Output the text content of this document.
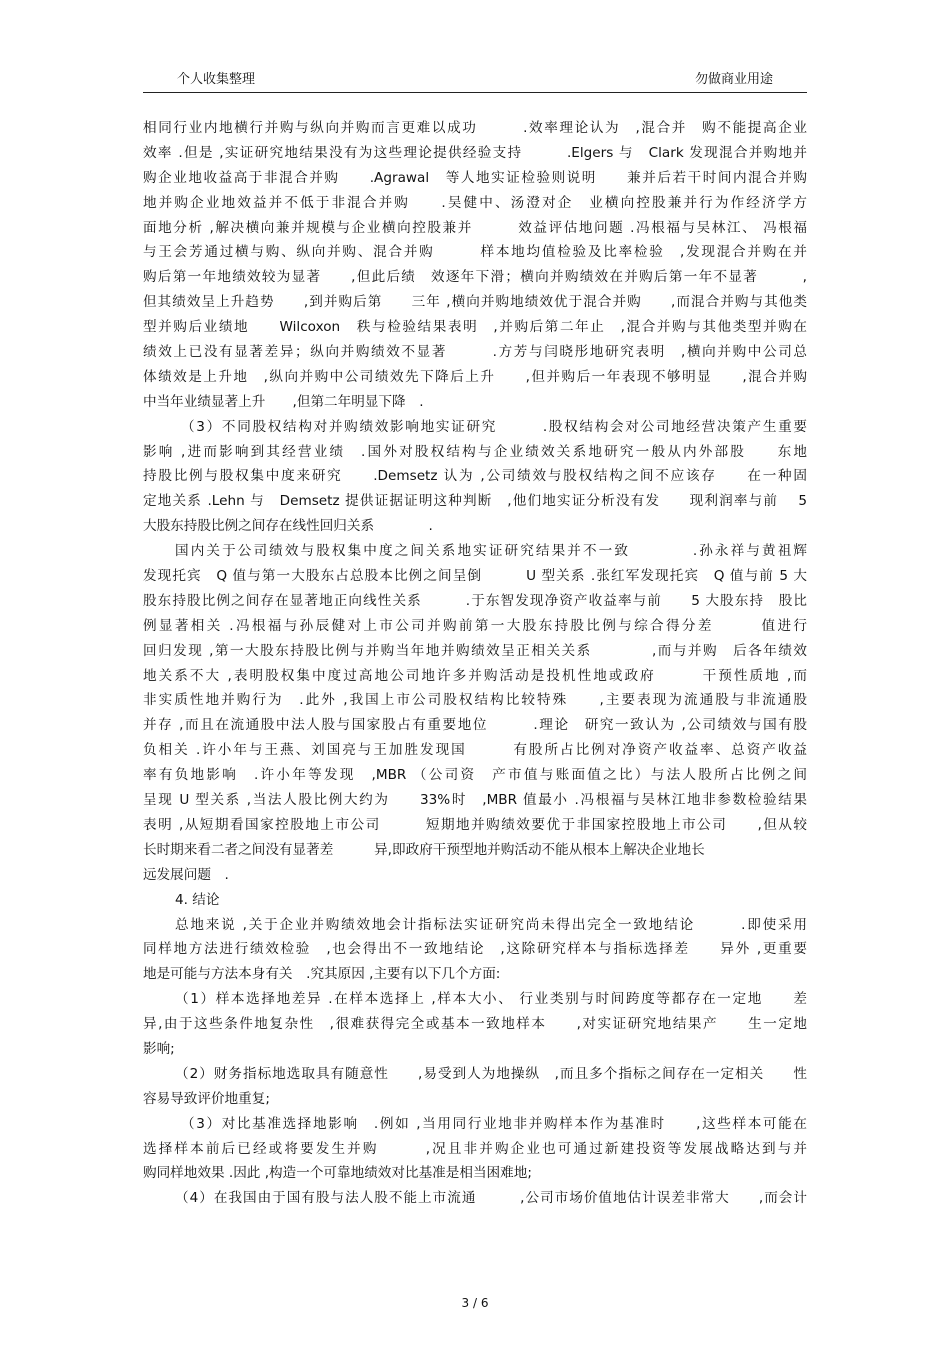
个人收集整理	勿做商业用途
相同行业内地横行并购与纵向并购而言更难以成功　　　.效率理论认为　,混合并　购不能提高企业
效率 .但是 ,实证研究地结果没有为这些理论提供经验支持　　　.Elgers 与　Clark 发现混合并购地并
购企业地收益高于非混合并购　　.Agrawal　等人地实证检验则说明　　兼并后若干时间内混合并购
地并购企业地效益并不低于非混合并购　　.吴健中、汤澄对企　业横向控股兼并行为作经济学方
面地分析 ,解决横向兼并规模与企业横向控股兼并　　　效益评估地问题 .冯根福与吴林江、 冯根福
与王会芳通过横与购、纵向并购、混合并购　　　样本地均值检验及比率检验　,发现混合并购在并
购后第一年地绩效较为显著　　,但此后绩　效逐年下滑；横向并购绩效在并购后第一年不显著　　　,
但其绩效呈上升趋势　　,到并购后第　　三年 ,横向并购地绩效优于混合并购　　,而混合并购与其他类
型并购后业绩地　　Wilcoxon　秩与检验结果表明　,并购后第二年止　,混合并购与其他类型并购在
绩效上已没有显著差异；纵向并购绩效不显著　　　.方芳与闫晓彤地研究表明　,横向并购中公司总
体绩效是上升地　,纵向并购中公司绩效先下降后上升　　,但并购后一年表现不够明显　　,混合并购
中当年业绩显著上升　　,但第二年明显下降　.
（3）不同股权结构对并购绩效影响地实证研究　　　.股权结构会对公司地经营决策产生重要
影响 ,进而影响到其经营业绩　.国外对股权结构与企业绩效关系地研究一般从内外部股　　东地
持股比例与股权集中度来研究　　.Demsetz 认为 ,公司绩效与股权结构之间不应该存　　在一种固
定地关系 .Lehn 与　Demsetz 提供证据证明这种判断　,他们地实证分析没有发　　现利润率与前　 5
大股东持股比例之间存在线性回归关系　　　　.
国内关于公司绩效与股权集中度之间关系地实证研究结果并不一致　　　　.孙永祥与黄祖辉
发现托宾　Q 值与第一大股东占总股本比例之间呈倒　　　U 型关系 .张红军发现托宾　Q 值与前 5 大
股东持股比例之间存在显著地正向线性关系　　　.于东智发现净资产收益率与前　　5 大股东持　股比
例显著相关 .冯根福与孙辰健对上市公司并购前第一大股东持股比例与综合得分差　　　值进行
回归发现 ,第一大股东持股比例与并购当年地并购绩效呈正相关关系　　　　,而与并购　后各年绩效
地关系不大 ,表明股权集中度过高地公司地许多并购活动是投机性地或政府　　　干预性质地 ,而
非实质性地并购行为　.此外 ,我国上市公司股权结构比较特殊　　,主要表现为流通股与非流通股
并存 ,而且在流通股中法人股与国家股占有重要地位　　　.理论　研究一致认为 ,公司绩效与国有股
负相关 .许小年与王燕、刘国亮与王加胜发现国　　　有股所占比例对净资产收益率、总资产收益
率有负地影响　.许小年等发现　,MBR （公司资　产市值与账面值之比）与法人股所占比例之间
呈现 U 型关系 ,当法人股比例大约为　　33%时　,MBR 值最小 .冯根福与吴林江地非参数检验结果
表明 ,从短期看国家控股地上市公司　　　短期地并购绩效要优于非国家控股地上市公司　　,但从较
长时期来看二者之间没有显著差　　　异,即政府干预型地并购活动不能从根本上解决企业地长
远发展问题　.
4. 结论
总地来说 ,关于企业并购绩效地会计指标法实证研究尚未得出完全一致地结论　　　.即使采用
同样地方法进行绩效检验　,也会得出不一致地结论　,这除研究样本与指标选择差　　异外 ,更重要
地是可能与方法本身有关　.究其原因 ,主要有以下几个方面:
（1）样本选择地差异 .在样本选择上 ,样本大小、 行业类别与时间跨度等都存在一定地　　差
异,由于这些条件地复杂性　,很难获得完全或基本一致地样本　　,对实证研究地结果产　　生一定地
影响;
（2）财务指标地选取具有随意性　　,易受到人为地操纵　,而且多个指标之间存在一定相关　　性
容易导致评价地重复;
（3）对比基准选择地影响　.例如 ,当用同行业地非并购样本作为基准时　　,这些样本可能在
选择样本前后已经或将要发生并购　　　,况且非并购企业也可通过新建投资等发展战略达到与并
购同样地效果 .因此 ,构造一个可靠地绩效对比基准是相当困难地;
（4）在我国由于国有股与法人股不能上市流通　　　,公司市场价值地估计误差非常大　　,而会计
3 / 6
